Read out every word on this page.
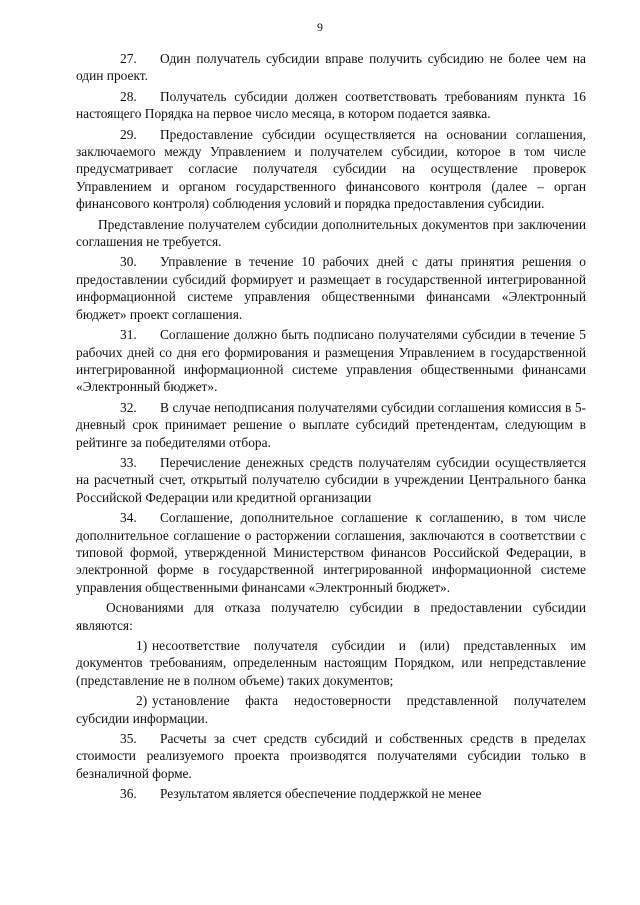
9

27. Один получатель субсидии вправе получить субсидию не более чем на один проект.

28. Получатель субсидии должен соответствовать требованиям пункта 16 настоящего Порядка на первое число месяца, в котором подается заявка.

29. Предоставление субсидии осуществляется на основании соглашения, заключаемого между Управлением и получателем субсидии, которое в том числе предусматривает согласие получателя субсидии на осуществление проверок Управлением и органом государственного финансового контроля (далее – орган финансового контроля) соблюдения условий и порядка предоставления субсидии.

Представление получателем субсидии дополнительных документов при заключении соглашения не требуется.

30. Управление в течение 10 рабочих дней с даты принятия решения о предоставлении субсидий формирует и размещает в государственной интегрированной информационной системе управления общественными финансами «Электронный бюджет» проект соглашения.

31. Соглашение должно быть подписано получателями субсидии в течение 5 рабочих дней со дня его формирования и размещения Управлением в государственной интегрированной информационной системе управления общественными финансами «Электронный бюджет».

32. В случае неподписания получателями субсидии соглашения комиссия в 5-дневный срок принимает решение о выплате субсидий претендентам, следующим в рейтинге за победителями отбора.

33. Перечисление денежных средств получателям субсидии осуществляется на расчетный счет, открытый получателю субсидии в учреждении Центрального банка Российской Федерации или кредитной организации

34. Соглашение, дополнительное соглашение к соглашению, в том числе дополнительное соглашение о расторжении соглашения, заключаются в соответствии с типовой формой, утвержденной Министерством финансов Российской Федерации, в электронной форме в государственной интегрированной информационной системе управления общественными финансами «Электронный бюджет».

Основаниями для отказа получателю субсидии в предоставлении субсидии являются:

1) несоответствие получателя субсидии и (или) представленных им документов требованиям, определенным настоящим Порядком, или непредставление (представление не в полном объеме) таких документов;

2) установление факта недостоверности представленной получателем субсидии информации.

35. Расчеты за счет средств субсидий и собственных средств в пределах стоимости реализуемого проекта производятся получателями субсидии только в безналичной форме.

36. Результатом является обеспечение поддержкой не менее
